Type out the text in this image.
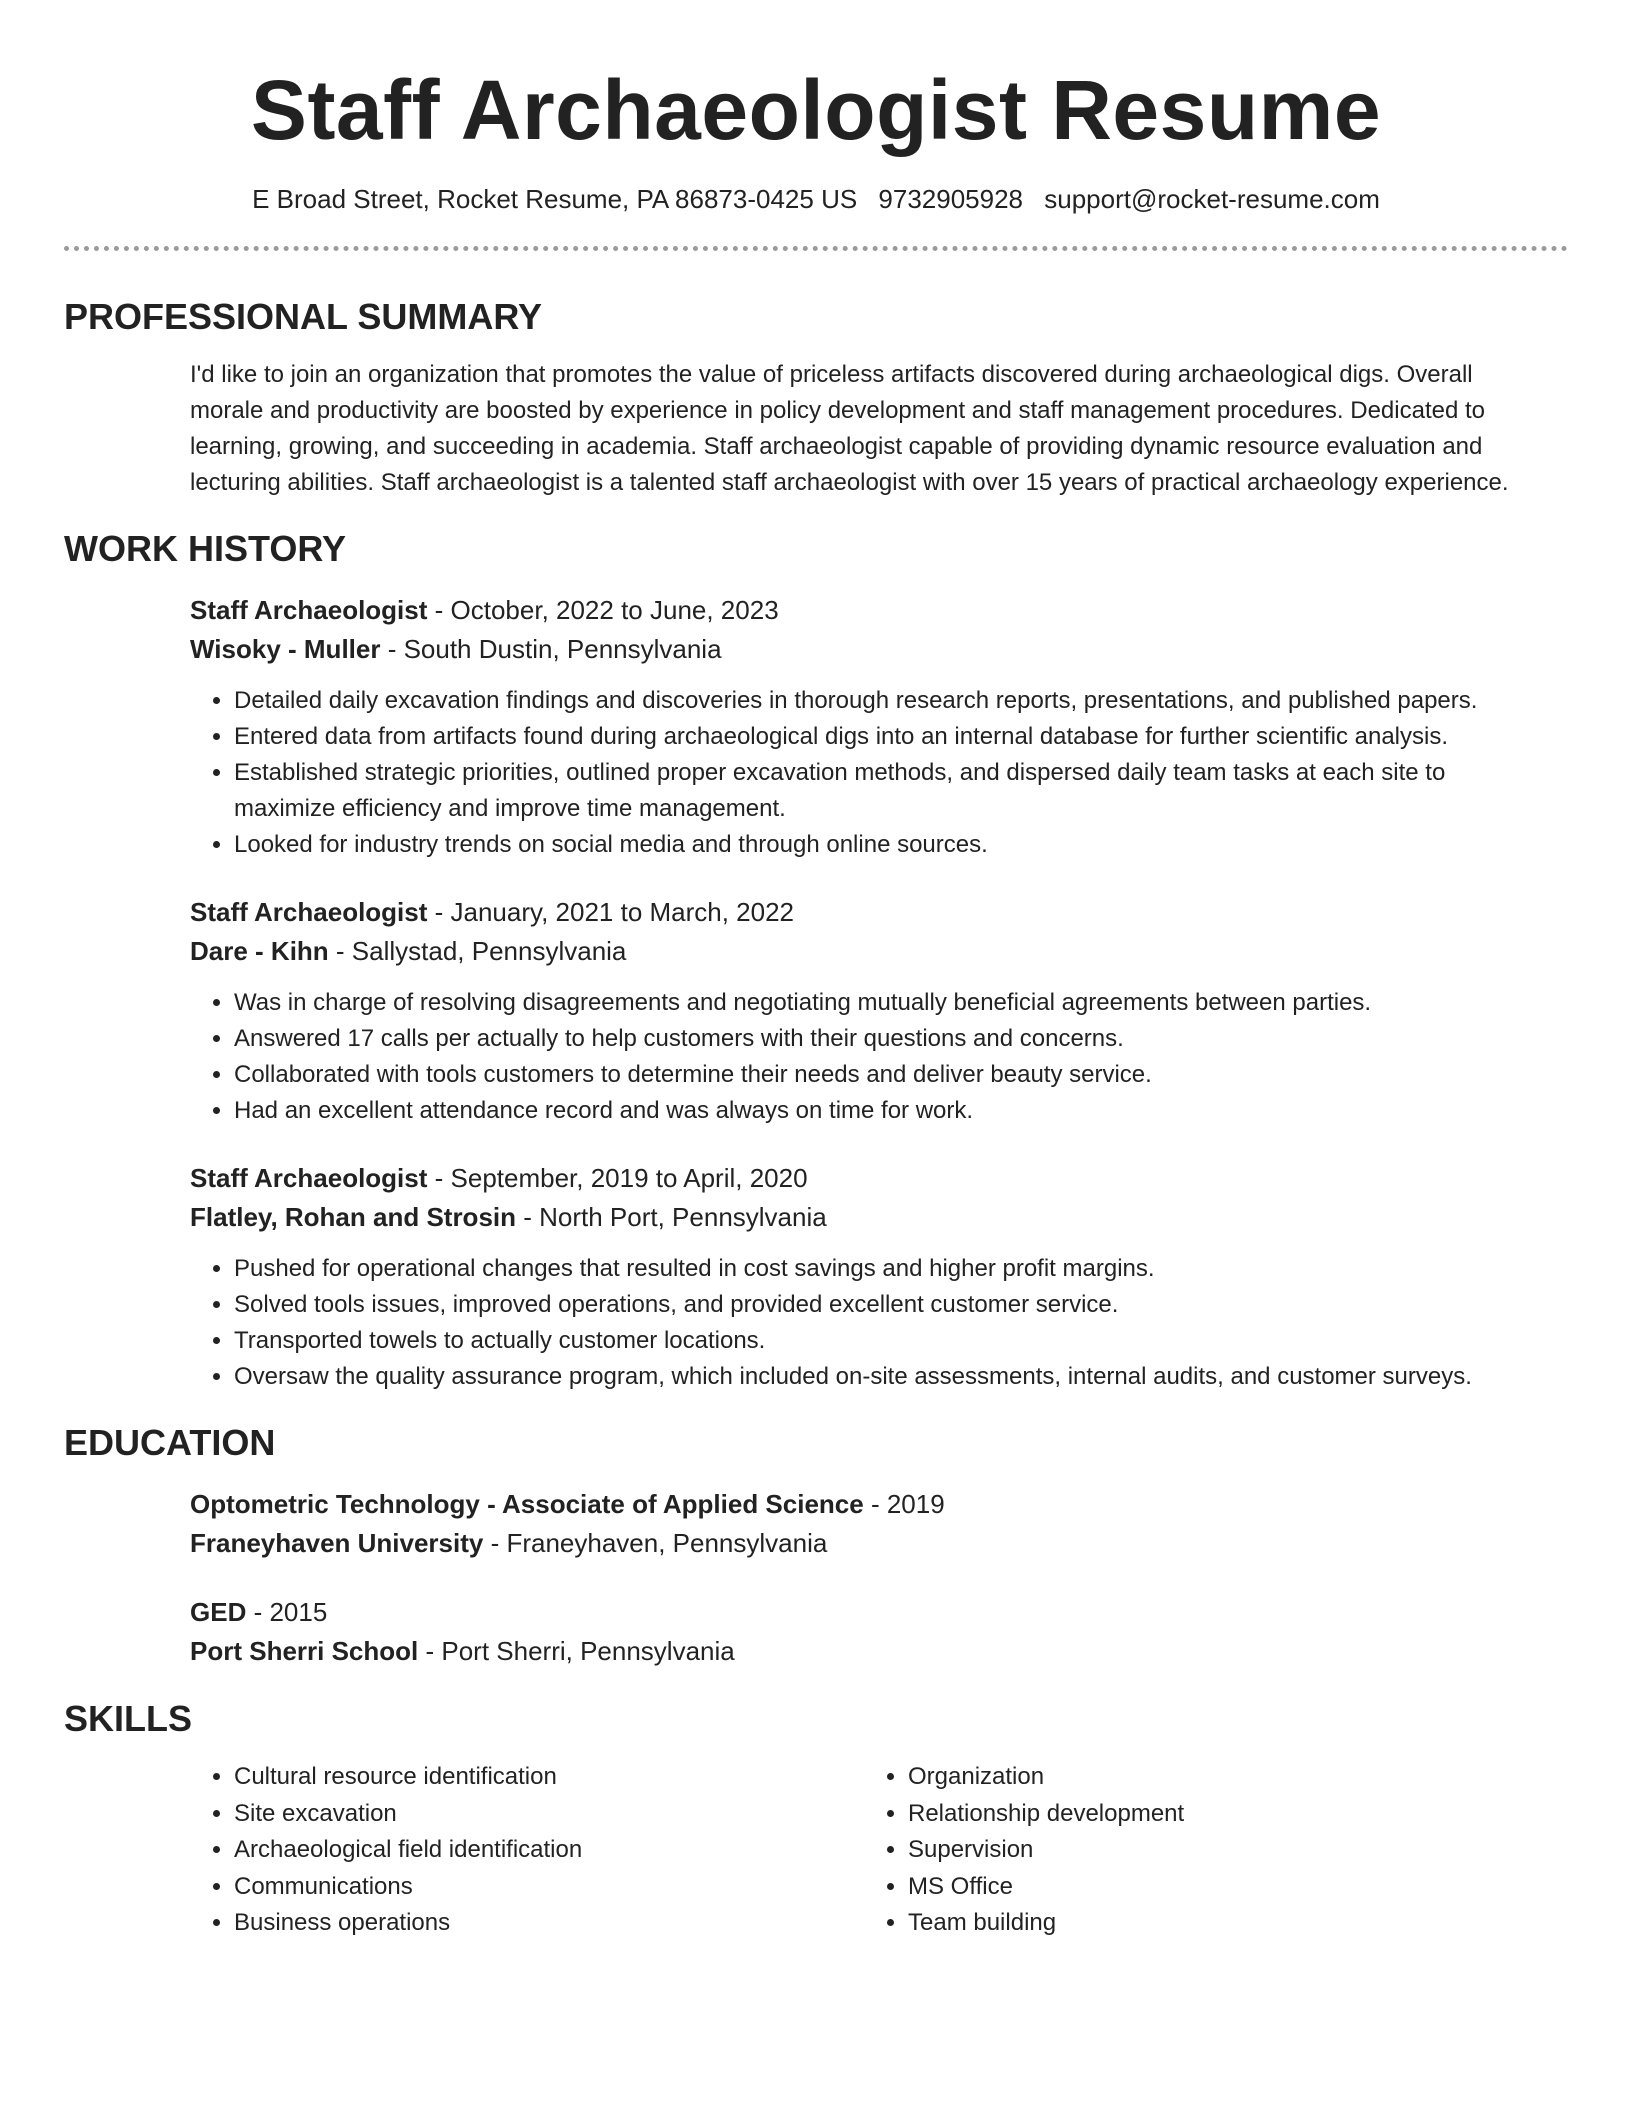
Staff Archaeologist Resume
E Broad Street, Rocket Resume, PA 86873-0425 US 9732905928 support@rocket-resume.com
PROFESSIONAL SUMMARY
I'd like to join an organization that promotes the value of priceless artifacts discovered during archaeological digs. Overall morale and productivity are boosted by experience in policy development and staff management procedures. Dedicated to learning, growing, and succeeding in academia. Staff archaeologist capable of providing dynamic resource evaluation and lecturing abilities. Staff archaeologist is a talented staff archaeologist with over 15 years of practical archaeology experience.
WORK HISTORY
Staff Archaeologist - October, 2022 to June, 2023
Wisoky - Muller - South Dustin, Pennsylvania
• Detailed daily excavation findings and discoveries in thorough research reports, presentations, and published papers.
• Entered data from artifacts found during archaeological digs into an internal database for further scientific analysis.
• Established strategic priorities, outlined proper excavation methods, and dispersed daily team tasks at each site to maximize efficiency and improve time management.
• Looked for industry trends on social media and through online sources.
Staff Archaeologist - January, 2021 to March, 2022
Dare - Kihn - Sallystad, Pennsylvania
• Was in charge of resolving disagreements and negotiating mutually beneficial agreements between parties.
• Answered 17 calls per actually to help customers with their questions and concerns.
• Collaborated with tools customers to determine their needs and deliver beauty service.
• Had an excellent attendance record and was always on time for work.
Staff Archaeologist - September, 2019 to April, 2020
Flatley, Rohan and Strosin - North Port, Pennsylvania
• Pushed for operational changes that resulted in cost savings and higher profit margins.
• Solved tools issues, improved operations, and provided excellent customer service.
• Transported towels to actually customer locations.
• Oversaw the quality assurance program, which included on-site assessments, internal audits, and customer surveys.
EDUCATION
Optometric Technology - Associate of Applied Science - 2019
Franeyhaven University - Franeyhaven, Pennsylvania
GED - 2015
Port Sherri School - Port Sherri, Pennsylvania
SKILLS
• Cultural resource identification
• Site excavation
• Archaeological field identification
• Communications
• Business operations
• Organization
• Relationship development
• Supervision
• MS Office
• Team building
